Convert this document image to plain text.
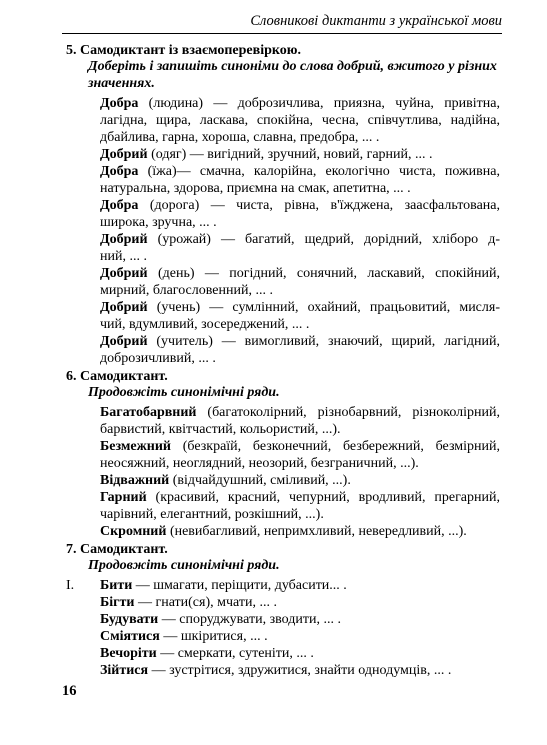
Словникові диктанти з української мови
5. Самодиктант із взаємоперевіркою.
Доберіть і запишіть синоніми до слова добрий, вжитого у різних
значеннях.
Добра (людина) — доброзичлива, приязна, чуйна, привітна,
лагідна, щира, ласкава, спокійна, чесна, співчутлива, надійна,
дбайлива, гарна, хороша, славна, предобра, ... .
Добрий (одяг) — вигідний, зручний, новий, гарний, ... .
Добра (їжа)— смачна, калорійна, екологічно чиста, поживна,
натуральна, здорова, приємна на смак, апетитна, ... .
Добра (дорога) — чиста, рівна, в'їжджена, заасфальтована,
широка, зручна, ... .
Добрий (урожай) — багатий, щедрий, дорідний, хліборо д-
ний, ... .
Добрий (день) — погідний, сонячний, ласкавий, спокійний,
мирний, благословенний, ... .
Добрий (учень) — сумлінний, охайний, працьовитий, мисля-
чий, вдумливий, зосереджений, ... .
Добрий (учитель) — вимогливий, знаючий, щирий, лагідний,
доброзичливий, ... .
6. Самодиктант.
Продовжіть синонімічні ряди.
Багатобарвний (багатоколірний, різнобарвний, різноколірний,
барвистий, квітчастий, кольористий, ...).
Безмежний (безкраїй, безконечний, безбережний, безмірний,
неосяжний, неоглядний, неозорий, безграничний, ...).
Відважний (відчайдушний, сміливий, ...).
Гарний (красивий, красний, чепурний, вродливий, прегарний,
чарівний, елегантний, розкішний, ...).
Скромний (невибагливий, непримхливий, невередливий, ...).
7. Самодиктант.
Продовжіть синонімічні ряди.
I. Бити — шмагати, періщити, дубасити... .
Бігти — гнати(ся), мчати, ... .
Будувати — споруджувати, зводити, ... .
Сміятися — шкіритися, ... .
Вечоріти — смеркати, сутеніти, ... .
Зійтися — зустрітися, здружитися, знайти однодумців, ... .
16
